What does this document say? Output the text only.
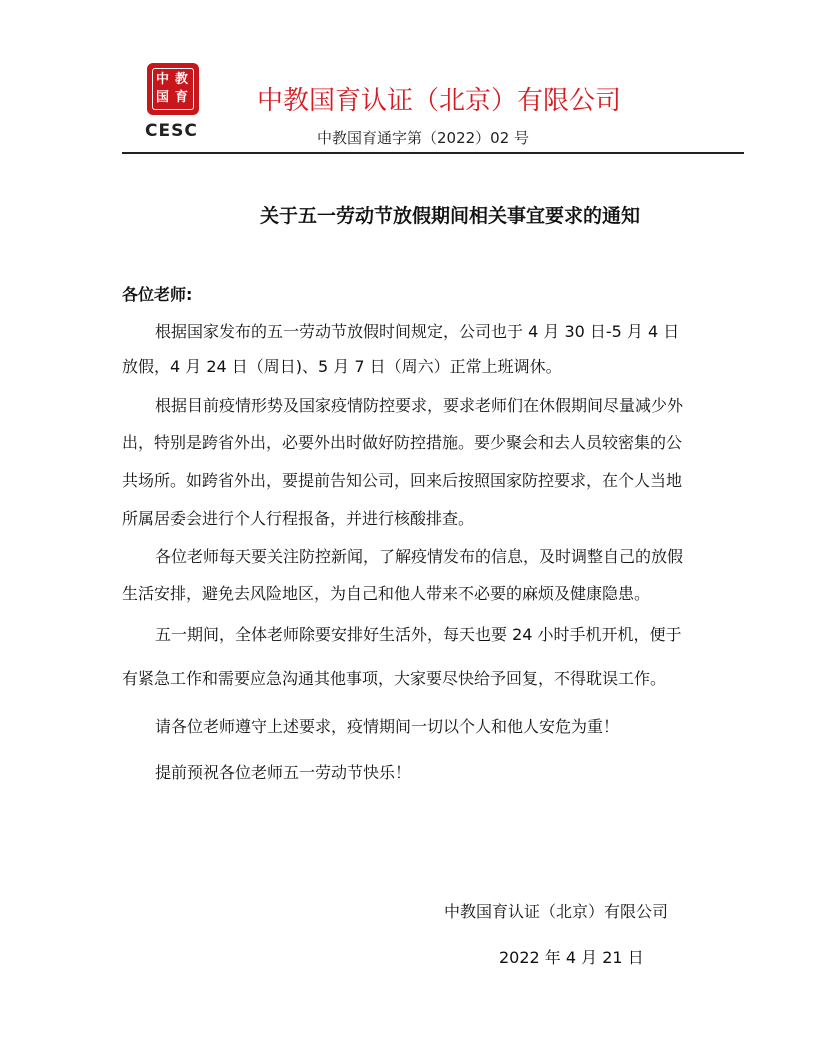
中 教
国 育
CESC
中教国育认证（北京）有限公司
中教国育通字第（2022）02 号
关于五一劳动节放假期间相关事宜要求的通知
各位老师:
根据国家发布的五一劳动节放假时间规定，公司也于 4 月 30 日-5 月 4 日
放假，4 月 24 日（周日)、5 月 7 日（周六）正常上班调休。
根据目前疫情形势及国家疫情防控要求，要求老师们在休假期间尽量减少外
出，特别是跨省外出，必要外出时做好防控措施。要少聚会和去人员较密集的公
共场所。如跨省外出，要提前告知公司，回来后按照国家防控要求，在个人当地
所属居委会进行个人行程报备，并进行核酸排查。
各位老师每天要关注防控新闻，了解疫情发布的信息，及时调整自己的放假
生活安排，避免去风险地区，为自己和他人带来不必要的麻烦及健康隐患。
五一期间，全体老师除要安排好生活外，每天也要 24 小时手机开机，便于
有紧急工作和需要应急沟通其他事项，大家要尽快给予回复，不得耽误工作。
请各位老师遵守上述要求，疫情期间一切以个人和他人安危为重！
提前预祝各位老师五一劳动节快乐！
中教国育认证（北京）有限公司
2022 年 4 月 21 日
